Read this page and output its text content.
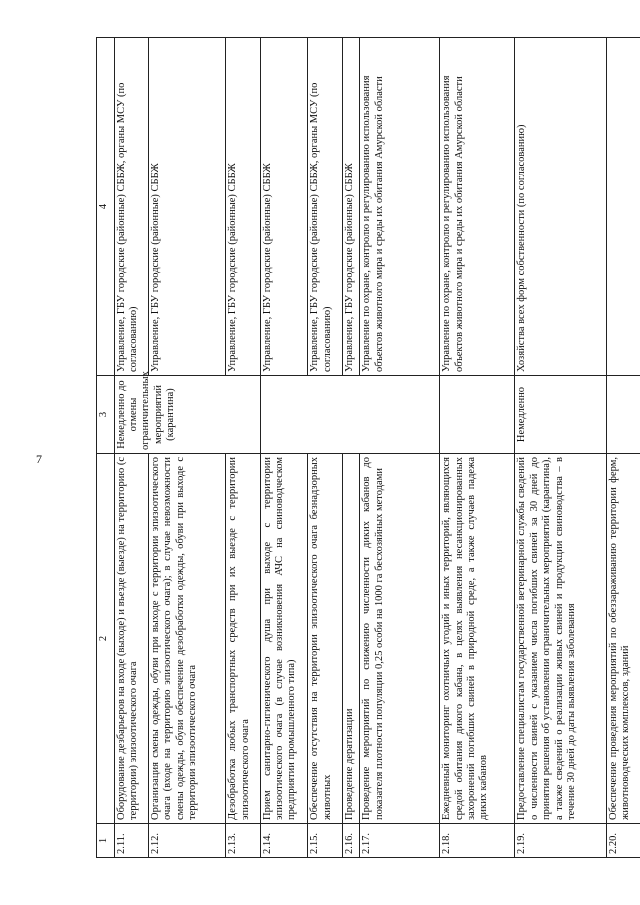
7
1	2	3	4
2.11.	Оборудование дезбарьеров на входе (выходе) и въезде (выезде) на территорию (с территории) эпизоотического очага	Немедленно до отмены ограничительных мероприятий (карантина)	Управление, ГБУ городские (районные) СББЖ, органы МСУ (по согласованию)
2.12.	Организация смены одежды, обуви при выходе с территории эпизоотического очага (входе на территорию эпизоотического очага); в случае невозможности смены одежды, обуви обеспечение дезобработки одежды, обуви при выходе с территории эпизоотического очага		Управление, ГБУ городские (районные) СББЖ
2.13.	Дезобработка любых транспортных средств при их выезде с территории эпизоотического очага		Управление, ГБУ городские (районные) СББЖ
2.14.	Прием санитарно-гигиенического душа при выходе с территории эпизоотического очага (в случае возникновения АЧС на свиноводческом предприятии промышленного типа)		Управление, ГБУ городские (районные) СББЖ
2.15.	Обеспечение отсутствия на территории эпизоотического очага безнадзорных животных		Управление, ГБУ городские (районные) СББЖ, органы МСУ (по согласованию)
2.16.	Проведение дератизации		Управление, ГБУ городские (районные) СББЖ
2.17.	Проведение мероприятий по снижению численности диких кабанов до показателя плотности популяции 0,25 особи на 1000 га бесхозяйных методами		Управление по охране, контролю и регулированию использования объектов животного мира и среды их обитания Амурской области
2.18.	Ежедневный мониторинг охотничьих угодий и иных территорий, являющихся средой обитания дикого кабана, в целях выявления несанкционированных захоронений погибших свиней в природной среде, а также случаев падежа диких кабанов		Управление по охране, контролю и регулированию использования объектов животного мира и среды их обитания Амурской области
2.19.	Предоставление специалистам государственной ветеринарной службы сведений о численности свиней с указанием числа погибших свиней за 30 дней до принятия решения об установлении ограничительных мероприятий (карантина), а также сведений о реализации живых свиней и продукции свиноводства – в течение 30 дней до даты выявления заболевания	Немедленно	Хозяйства всех форм собственности (по согласованию)
2.20.	Обеспечение проведения мероприятий по обеззараживанию территории ферм, животноводческих комплексов, зданий		
